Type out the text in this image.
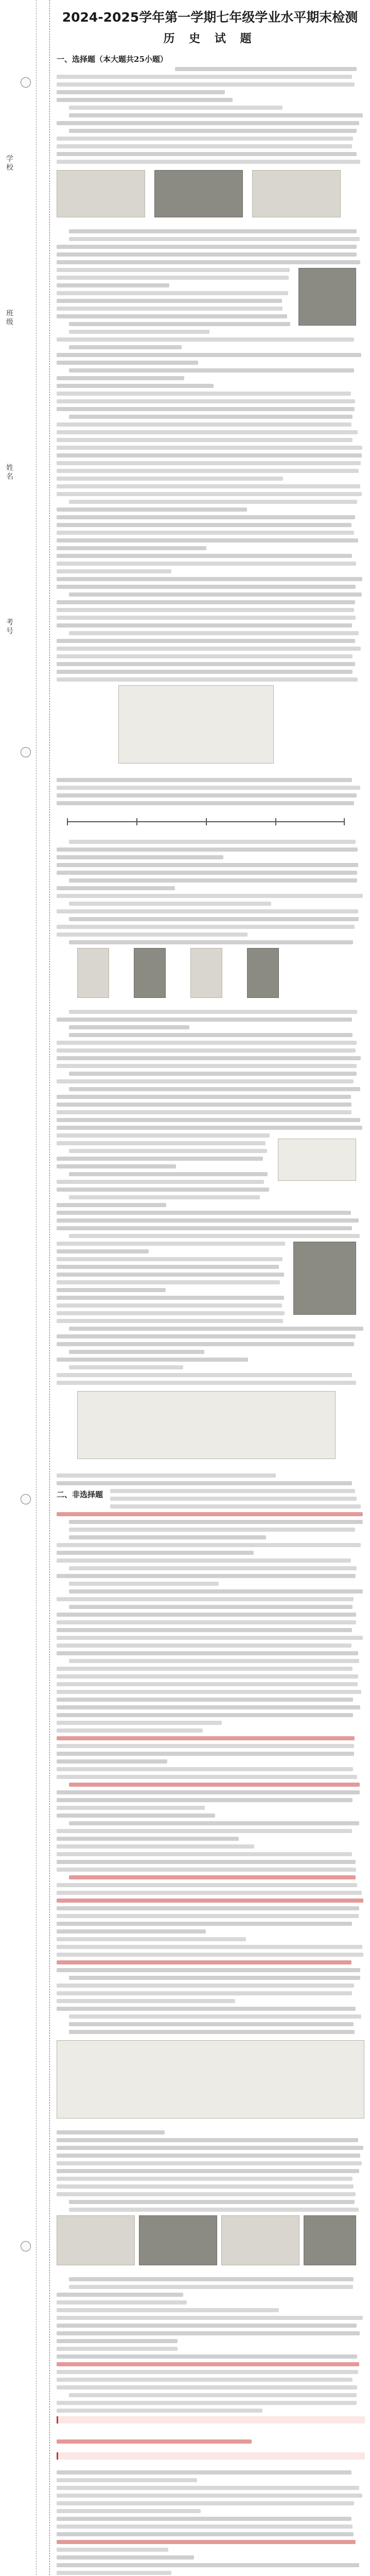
学校
班级
姓名
考号
2024-2025学年第一学期七年级学业水平期末检测
历 史 试 题
一、选择题（本大题共25小题）
二、非选择题
